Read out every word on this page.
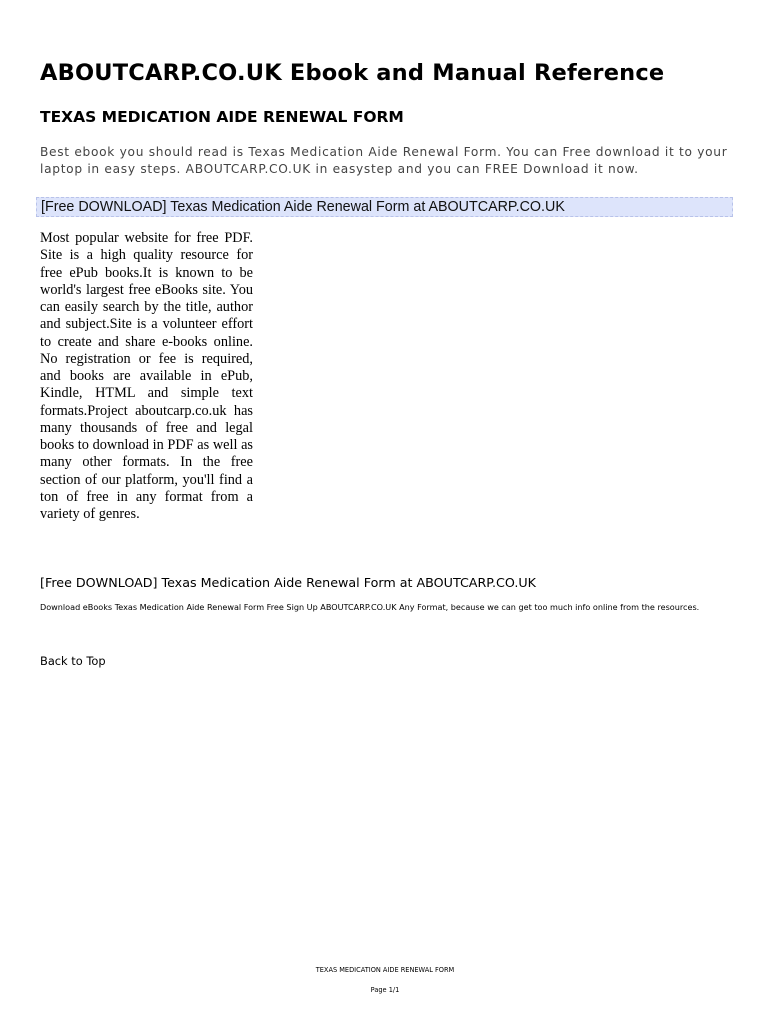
ABOUTCARP.CO.UK Ebook and Manual Reference
TEXAS MEDICATION AIDE RENEWAL FORM

Best ebook you should read is Texas Medication Aide Renewal Form. You can Free download it to your laptop in easy steps. ABOUTCARP.CO.UK in easystep and you can FREE Download it now.

[Free DOWNLOAD] Texas Medication Aide Renewal Form at ABOUTCARP.CO.UK

Most popular website for free PDF. Site is a high quality resource for free ePub books.It is known to be world's largest free eBooks site. You can easily search by the title, author and subject.Site is a volunteer effort to create and share e-books online. No registration or fee is required, and books are available in ePub, Kindle, HTML and simple text formats.Project aboutcarp.co.uk has many thousands of free and legal books to download in PDF as well as many other formats. In the free section of our platform, you'll find a ton of free in any format from a variety of genres.

[Free DOWNLOAD] Texas Medication Aide Renewal Form at ABOUTCARP.CO.UK

Download eBooks Texas Medication Aide Renewal Form Free Sign Up ABOUTCARP.CO.UK Any Format, because we can get too much info online from the resources.

Back to Top
TEXAS MEDICATION AIDE RENEWAL FORM
Page 1/1
